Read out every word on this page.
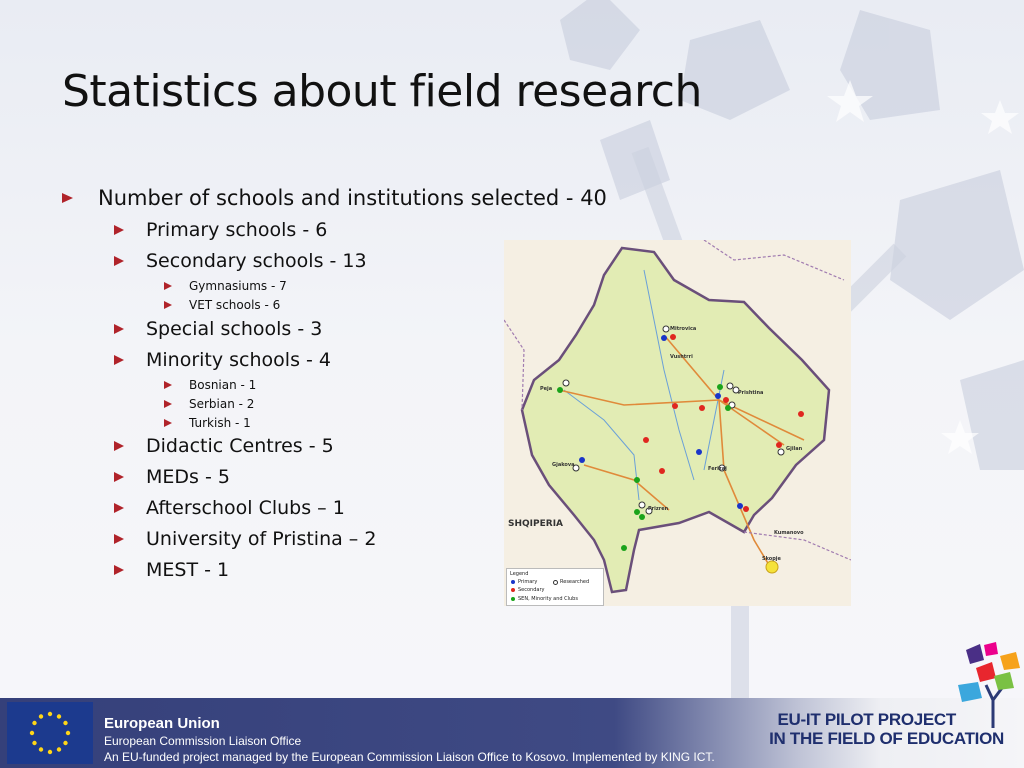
Statistics about field research
Number of schools and institutions selected - 40
Primary schools - 6
Secondary schools - 13
Gymnasiums - 7
VET schools - 6
Special schools - 3
Minority schools - 4
Bosnian - 1
Serbian - 2
Turkish - 1
Didactic Centres - 5
MEDs - 5
Afterschool Clubs – 1
University of Pristina – 2
MEST - 1
Mitrovica
Vushtrri
Peja
Prishtina
Gjakova
Ferizaj
Gjilan
Prizren
Skopje
Kumanovo
SHQIPERIA
Legend
Primary
Secondary
SEN, Minority and Clubs
Researched
European Union
European Commission Liaison Office
An EU-funded project managed by the European Commission Liaison Office to Kosovo. Implemented by KING ICT.
EU-IT PILOT PROJECT
IN THE FIELD OF EDUCATION
